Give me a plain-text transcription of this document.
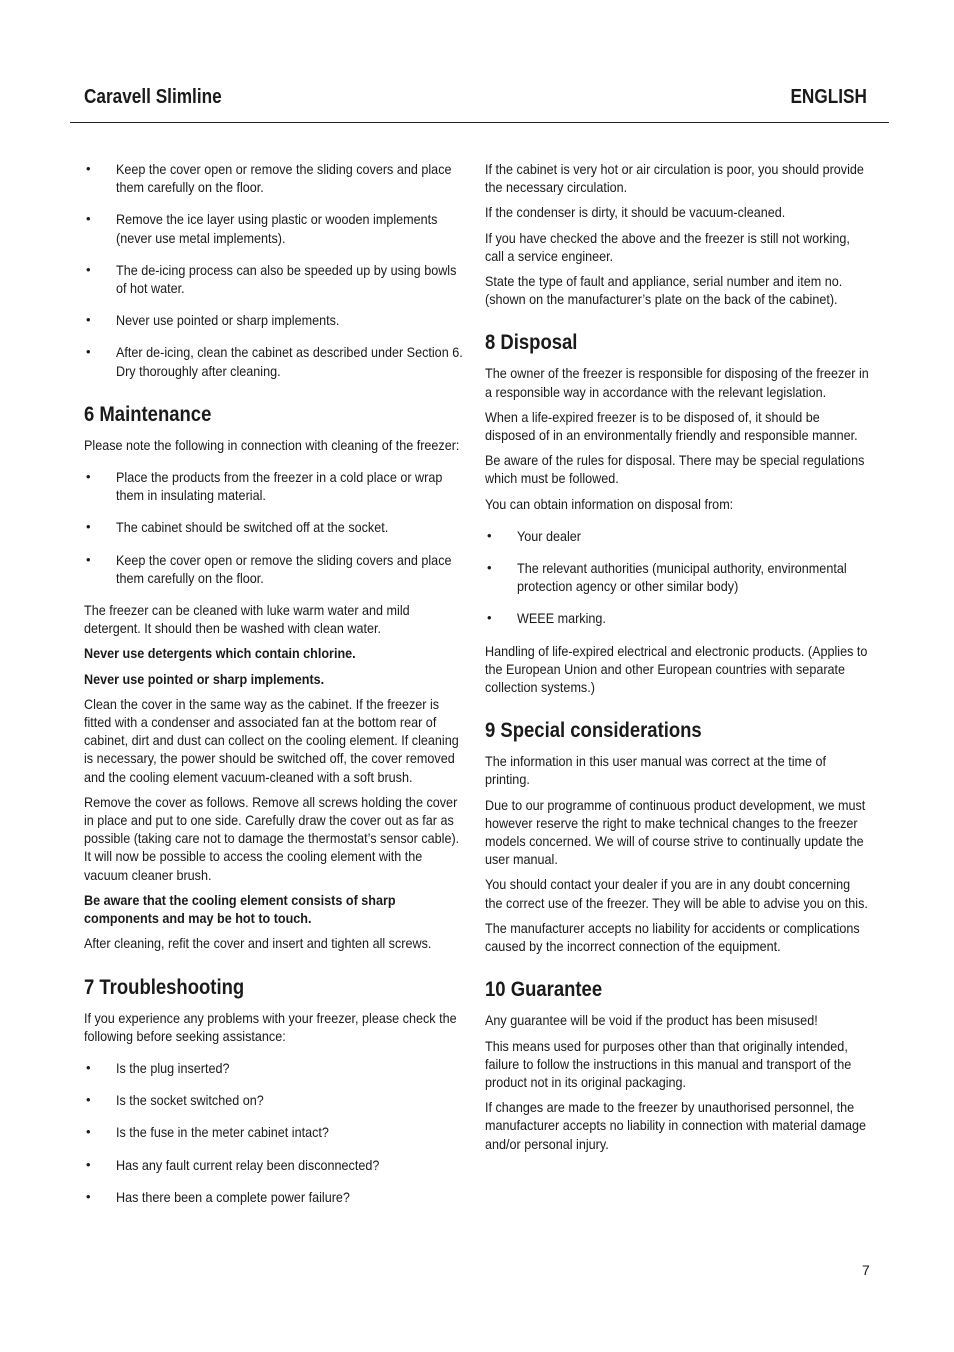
Caravell Slimline	ENGLISH
• Keep the cover open or remove the sliding covers and place them carefully on the floor.
• Remove the ice layer using plastic or wooden implements (never use metal implements).
• The de-icing process can also be speeded up by using bowls of hot water.
• Never use pointed or sharp implements.
• After de-icing, clean the cabinet as described under Section 6. Dry thoroughly after cleaning.
6 Maintenance

Please note the following in connection with cleaning of the freezer:

• Place the products from the freezer in a cold place or wrap them in insulating material.
• The cabinet should be switched off at the socket.
• Keep the cover open or remove the sliding covers and place them carefully on the floor.

The freezer can be cleaned with luke warm water and mild detergent. It should then be washed with clean water.

Never use detergents which contain chlorine.

Never use pointed or sharp implements.

Clean the cover in the same way as the cabinet. If the freezer is fitted with a condenser and associated fan at the bottom rear of cabinet, dirt and dust can collect on the cooling element. If cleaning is necessary, the power should be switched off, the cover removed and the cooling element vacuum-cleaned with a soft brush.

Remove the cover as follows. Remove all screws holding the cover in place and put to one side. Carefully draw the cover out as far as possible (taking care not to damage the thermostat’s sensor cable). It will now be possible to access the cooling element with the vacuum cleaner brush.

Be aware that the cooling element consists of sharp components and may be hot to touch.

After cleaning, refit the cover and insert and tighten all screws.

7 Troubleshooting

If you experience any problems with your freezer, please check the following before seeking assistance:

• Is the plug inserted?
• Is the socket switched on?
• Is the fuse in the meter cabinet intact?
• Has any fault current relay been disconnected?
• Has there been a complete power failure?

If the cabinet is very hot or air circulation is poor, you should provide the necessary circulation.

If the condenser is dirty, it should be vacuum-cleaned.

If you have checked the above and the freezer is still not working, call a service engineer.

State the type of fault and appliance, serial number and item no. (shown on the manufacturer’s plate on the back of the cabinet).

8 Disposal

The owner of the freezer is responsible for disposing of the freezer in a responsible way in accordance with the relevant legislation.

When a life-expired freezer is to be disposed of, it should be disposed of in an environmentally friendly and responsible manner.

Be aware of the rules for disposal. There may be special regulations which must be followed.

You can obtain information on disposal from:

• Your dealer
• The relevant authorities (municipal authority, environmental protection agency or other similar body)
• WEEE marking.

Handling of life-expired electrical and electronic products. (Applies to the European Union and other European countries with separate collection systems.)

9 Special considerations

The information in this user manual was correct at the time of printing.

Due to our programme of continuous product development, we must however reserve the right to make technical changes to the freezer models concerned. We will of course strive to continually update the user manual.

You should contact your dealer if you are in any doubt concerning the correct use of the freezer. They will be able to advise you on this.

The manufacturer accepts no liability for accidents or complications caused by the incorrect connection of the equipment.

10 Guarantee

Any guarantee will be void if the product has been misused!

This means used for purposes other than that originally intended, failure to follow the instructions in this manual and transport of the product not in its original packaging.

If changes are made to the freezer by unauthorised personnel, the manufacturer accepts no liability in connection with material damage and/or personal injury.

7
